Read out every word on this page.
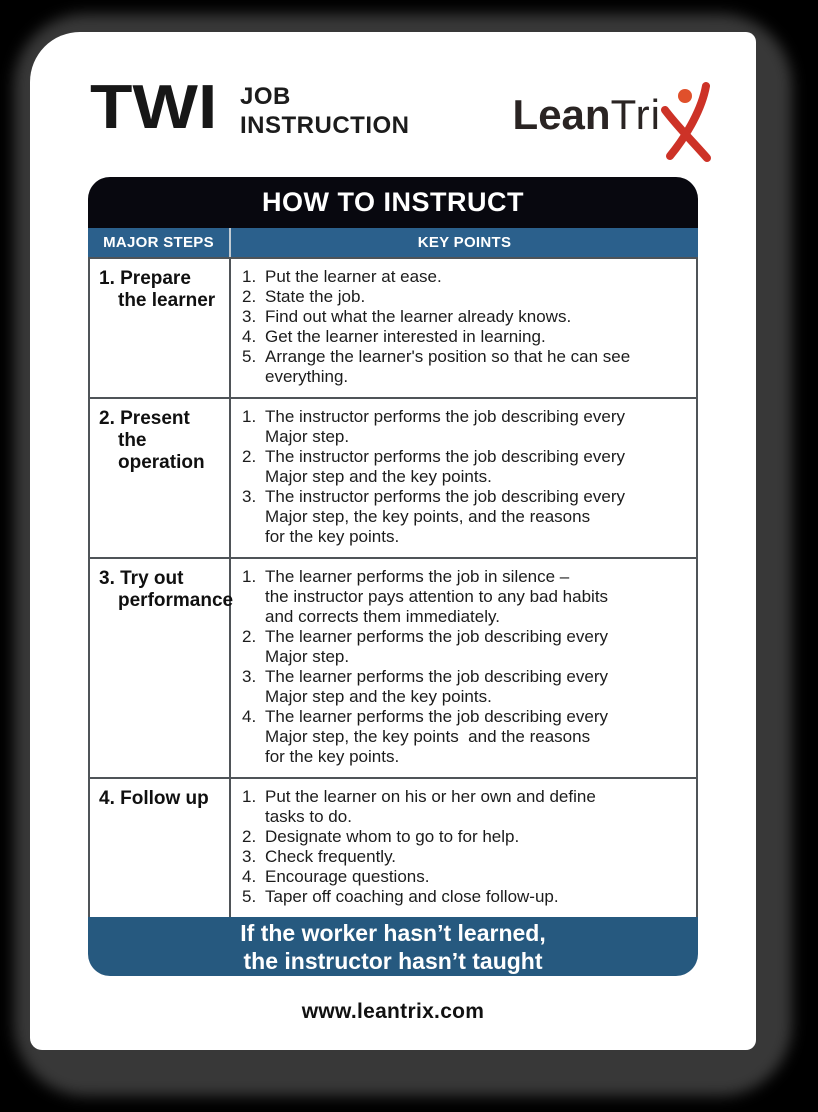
TWI JOB
INSTRUCTION Lean Tri
HOW TO INSTRUCT
MAJOR STEPS	KEY POINTS
1. Prepare
the learner
1. Put the learner at ease.
2. State the job.
3. Find out what the learner already knows.
4. Get the learner interested in learning.
5. Arrange the learner's position so that he can see
everything.
2. Present
the operation
1. The instructor performs the job describing every
Major step.
2. The instructor performs the job describing every
Major step and the key points.
3. The instructor performs the job describing every
Major step, the key points, and the reasons
for the key points.
3. Try out
performance
1. The learner performs the job in silence –
the instructor pays attention to any bad habits
and corrects them immediately.
2. The learner performs the job describing every
Major step.
3. The learner performs the job describing every
Major step and the key points.
4. The learner performs the job describing every
Major step, the key points  and the reasons
for the key points.
4. Follow up	1. Put the learner on his or her own and define
tasks to do.
2. Designate whom to go to for help.
3. Check frequently.
4. Encourage questions.
5. Taper off coaching and close follow-up.
If the worker hasn’t learned,
the instructor hasn’t taught
www.leantrix.com
